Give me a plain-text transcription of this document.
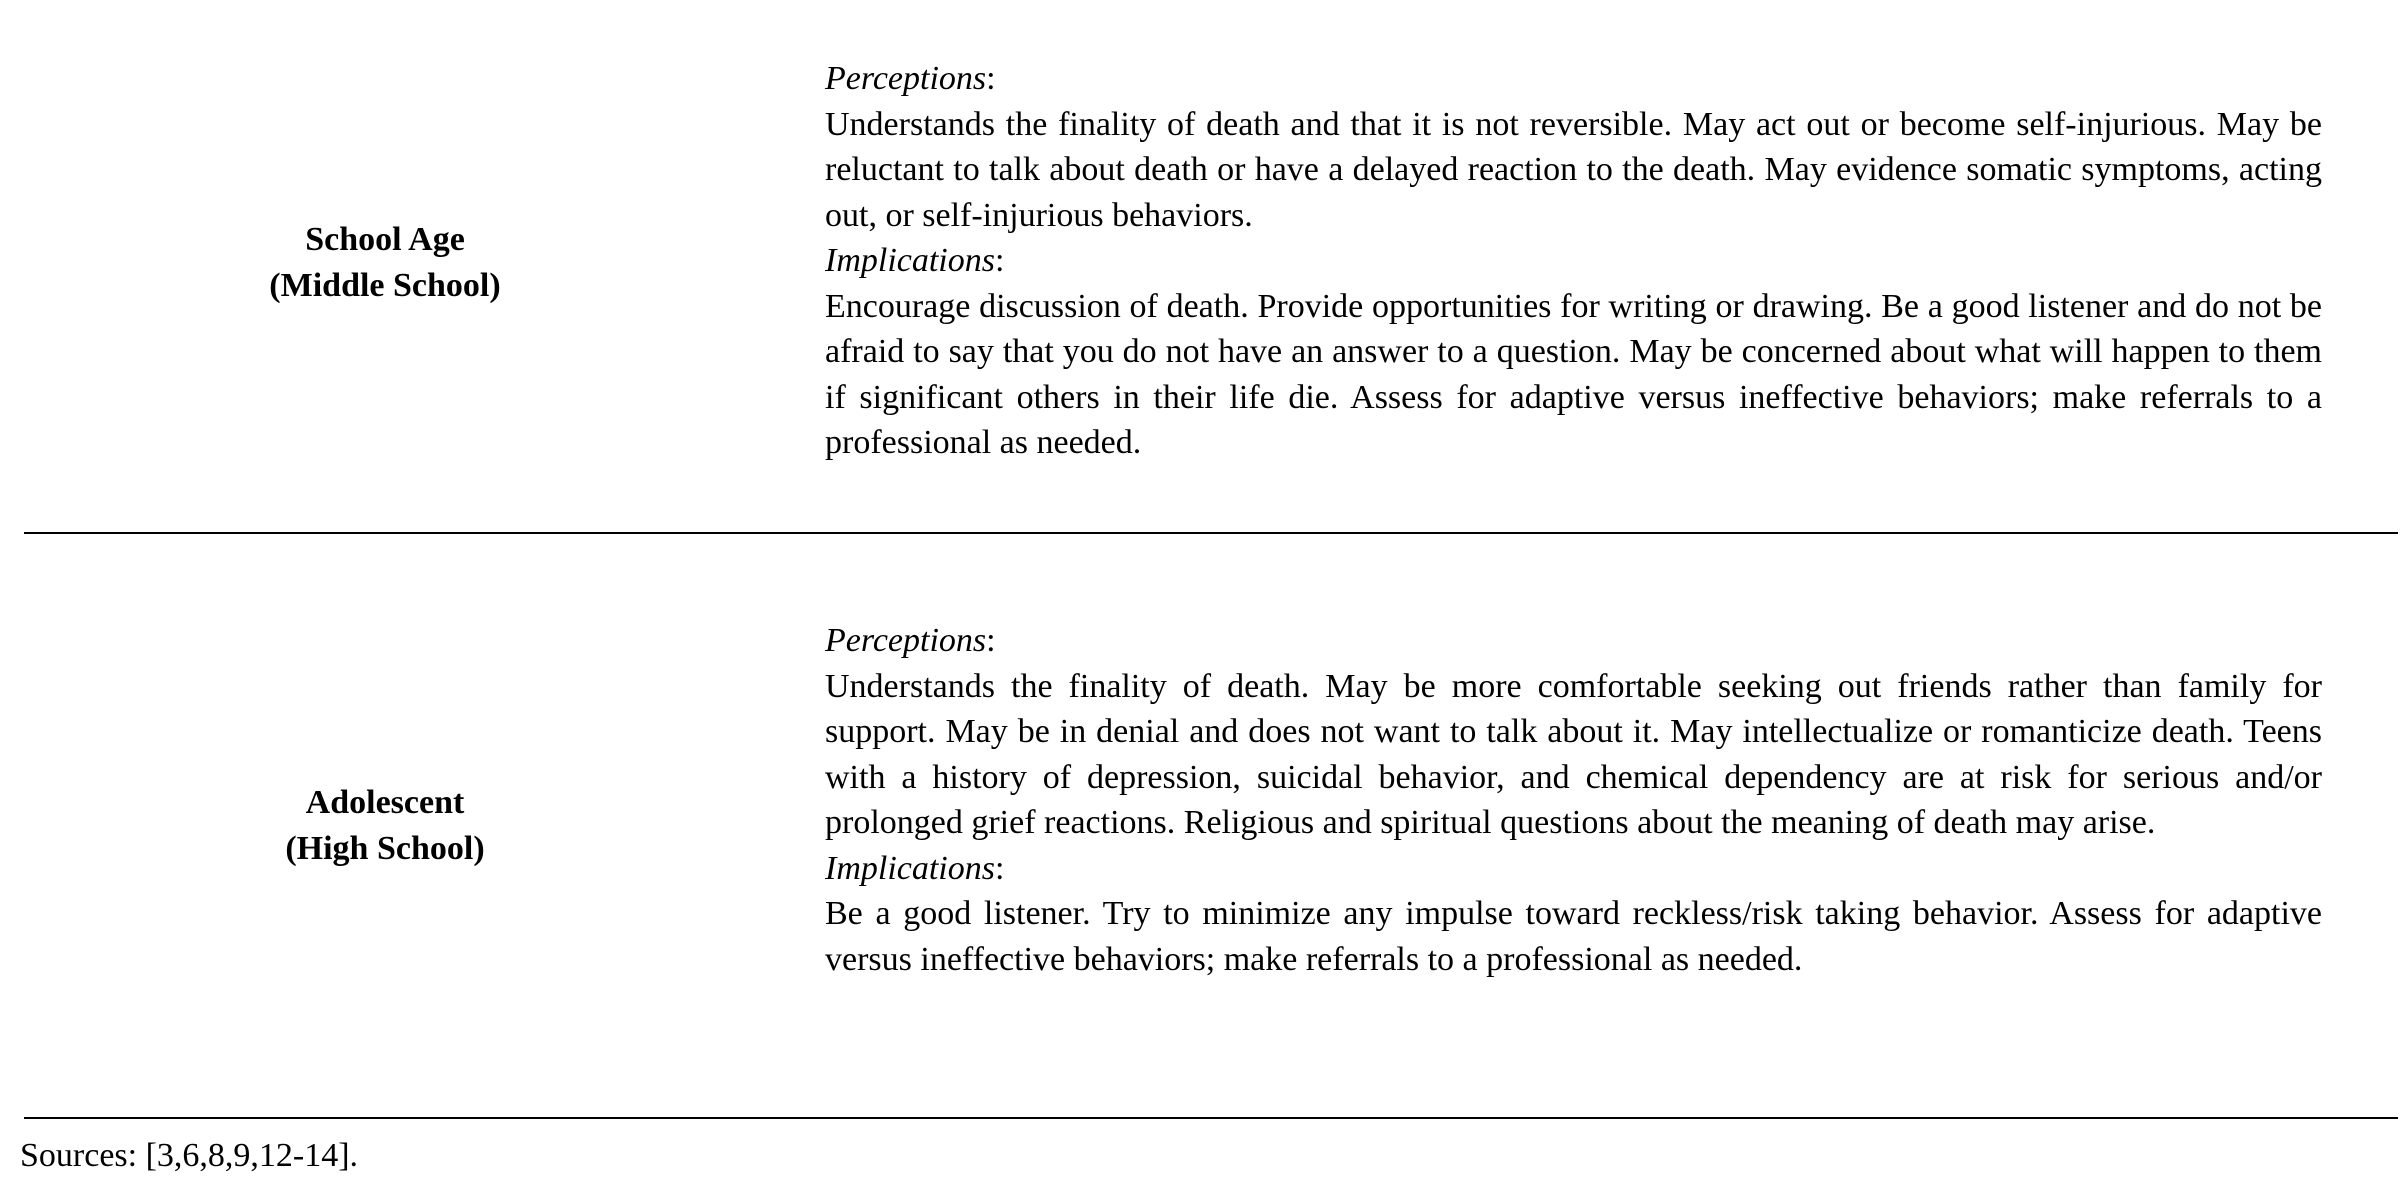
School Age
(Middle School)
Perceptions:
Understands the finality of death and that it is not reversible. May act out or become self-injurious. May be reluctant to talk about death or have a delayed reaction to the death. May evidence somatic symptoms, acting out, or self-injurious behaviors.
Implications:
Encourage discussion of death. Provide opportunities for writing or drawing. Be a good listener and do not be afraid to say that you do not have an answer to a question. May be concerned about what will happen to them if significant others in their life die. Assess for adaptive versus ineffective behaviors; make referrals to a professional as needed.
Adolescent
(High School)
Perceptions:
Understands the finality of death. May be more comfortable seeking out friends rather than family for support. May be in denial and does not want to talk about it. May intellectualize or romanticize death. Teens with a history of depression, suicidal behavior, and chemical dependency are at risk for serious and/or prolonged grief reactions. Religious and spiritual questions about the meaning of death may arise.
Implications:
Be a good listener. Try to minimize any impulse toward reckless/risk taking behavior. Assess for adaptive versus ineffective behaviors; make referrals to a professional as needed.
Sources: [3,6,8,9,12-14].
